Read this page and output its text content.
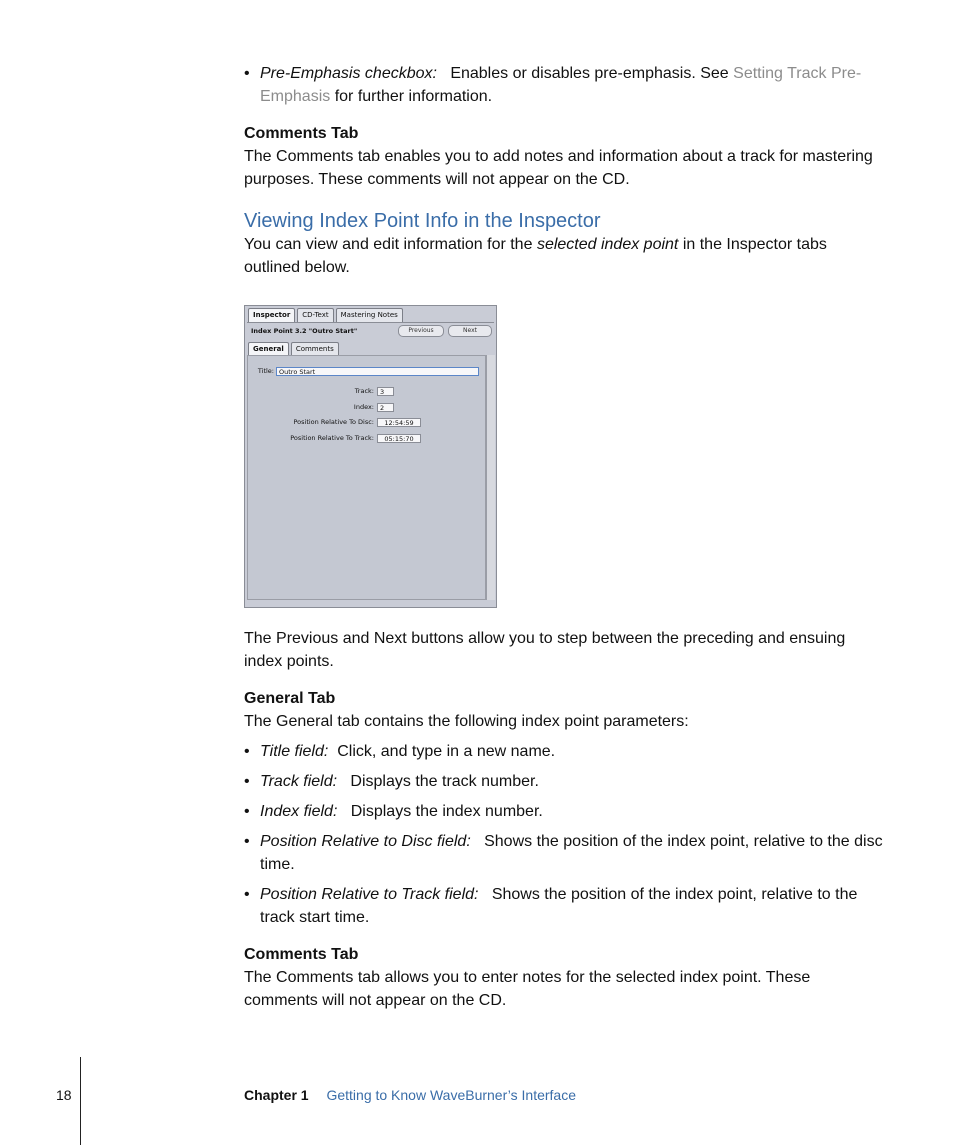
• Pre-Emphasis checkbox: Enables or disables pre-emphasis. See Setting Track Pre-Emphasis for further information.
Comments Tab

The Comments tab enables you to add notes and information about a track for mastering purposes. These comments will not appear on the CD.

Viewing Index Point Info in the Inspector

You can view and edit information for the selected index point in the Inspector tabs outlined below.

Inspector	CD-Text	Mastering Notes
Index Point 3.2 "Outro Start"	Previous	Next
General	Comments
Title: Outro Start
Track: 3
Index: 2
Position Relative To Disc:	12:54:59
Position Relative To Track:	05:15:70

The Previous and Next buttons allow you to step between the preceding and ensuing index points.

General Tab

The General tab contains the following index point parameters:

• Title field: Click, and type in a new name.
• Track field: Displays the track number.
• Index field: Displays the index number.
• Position Relative to Disc field: Shows the position of the index point, relative to the disc time.
• Position Relative to Track field: Shows the position of the index point, relative to the track start time.
Comments Tab

The Comments tab allows you to enter notes for the selected index point. These comments will not appear on the CD.

18	Chapter 1 Getting to Know WaveBurner’s Interface
